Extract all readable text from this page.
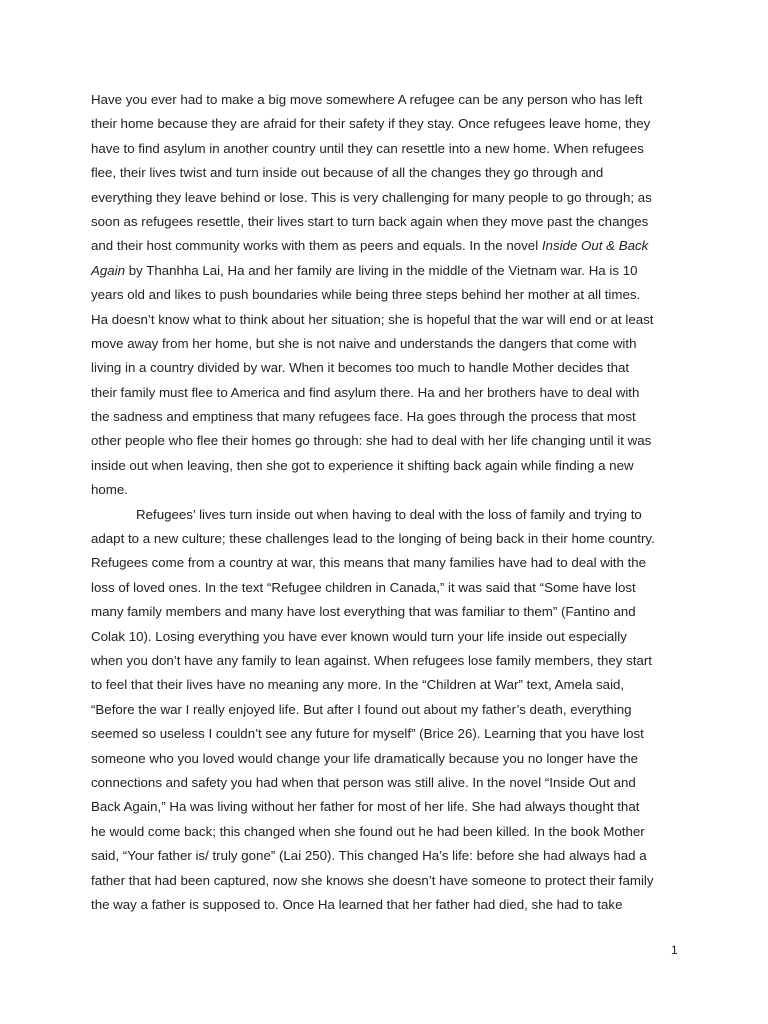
Have you ever had to make a big move somewhere A refugee can be any person who has left
their home because they are afraid for their safety if they stay. Once refugees leave home, they
have to find asylum in another country until they can resettle into a new home. When refugees
flee, their lives twist and turn inside out because of all the changes they go through and
everything they leave behind or lose. This is very challenging for many people to go through; as
soon as refugees resettle, their lives start to turn back again when they move past the changes
and their host community works with them as peers and equals. In the novel Inside Out & Back
Again by Thanhha Lai, Ha and her family are living in the middle of the Vietnam war. Ha is 10
years old and likes to push boundaries while being three steps behind her mother at all times.
Ha doesn’t know what to think about her situation; she is hopeful that the war will end or at least
move away from her home, but she is not naive and understands the dangers that come with
living in a country divided by war. When it becomes too much to handle Mother decides that
their family must flee to America and find asylum there. Ha and her brothers have to deal with
the sadness and emptiness that many refugees face. Ha goes through the process that most
other people who flee their homes go through: she had to deal with her life changing until it was
inside out when leaving, then she got to experience it shifting back again while finding a new
home.
Refugees’ lives turn inside out when having to deal with the loss of family and trying to
adapt to a new culture; these challenges lead to the longing of being back in their home country.
Refugees come from a country at war, this means that many families have had to deal with the
loss of loved ones. In the text “Refugee children in Canada,” it was said that “Some have lost
many family members and many have lost everything that was familiar to them” (Fantino and
Colak 10). Losing everything you have ever known would turn your life inside out especially
when you don’t have any family to lean against. When refugees lose family members, they start
to feel that their lives have no meaning any more. In the “Children at War” text, Amela said,
“Before the war I really enjoyed life. But after I found out about my father’s death, everything
seemed so useless I couldn’t see any future for myself” (Brice 26). Learning that you have lost
someone who you loved would change your life dramatically because you no longer have the
connections and safety you had when that person was still alive. In the novel “Inside Out and
Back Again,” Ha was living without her father for most of her life. She had always thought that
he would come back; this changed when she found out he had been killed. In the book Mother
said, “Your father is/ truly gone” (Lai 250). This changed Ha’s life: before she had always had a
father that had been captured, now she knows she doesn’t have someone to protect their family
the way a father is supposed to. Once Ha learned that her father had died, she had to take
1
